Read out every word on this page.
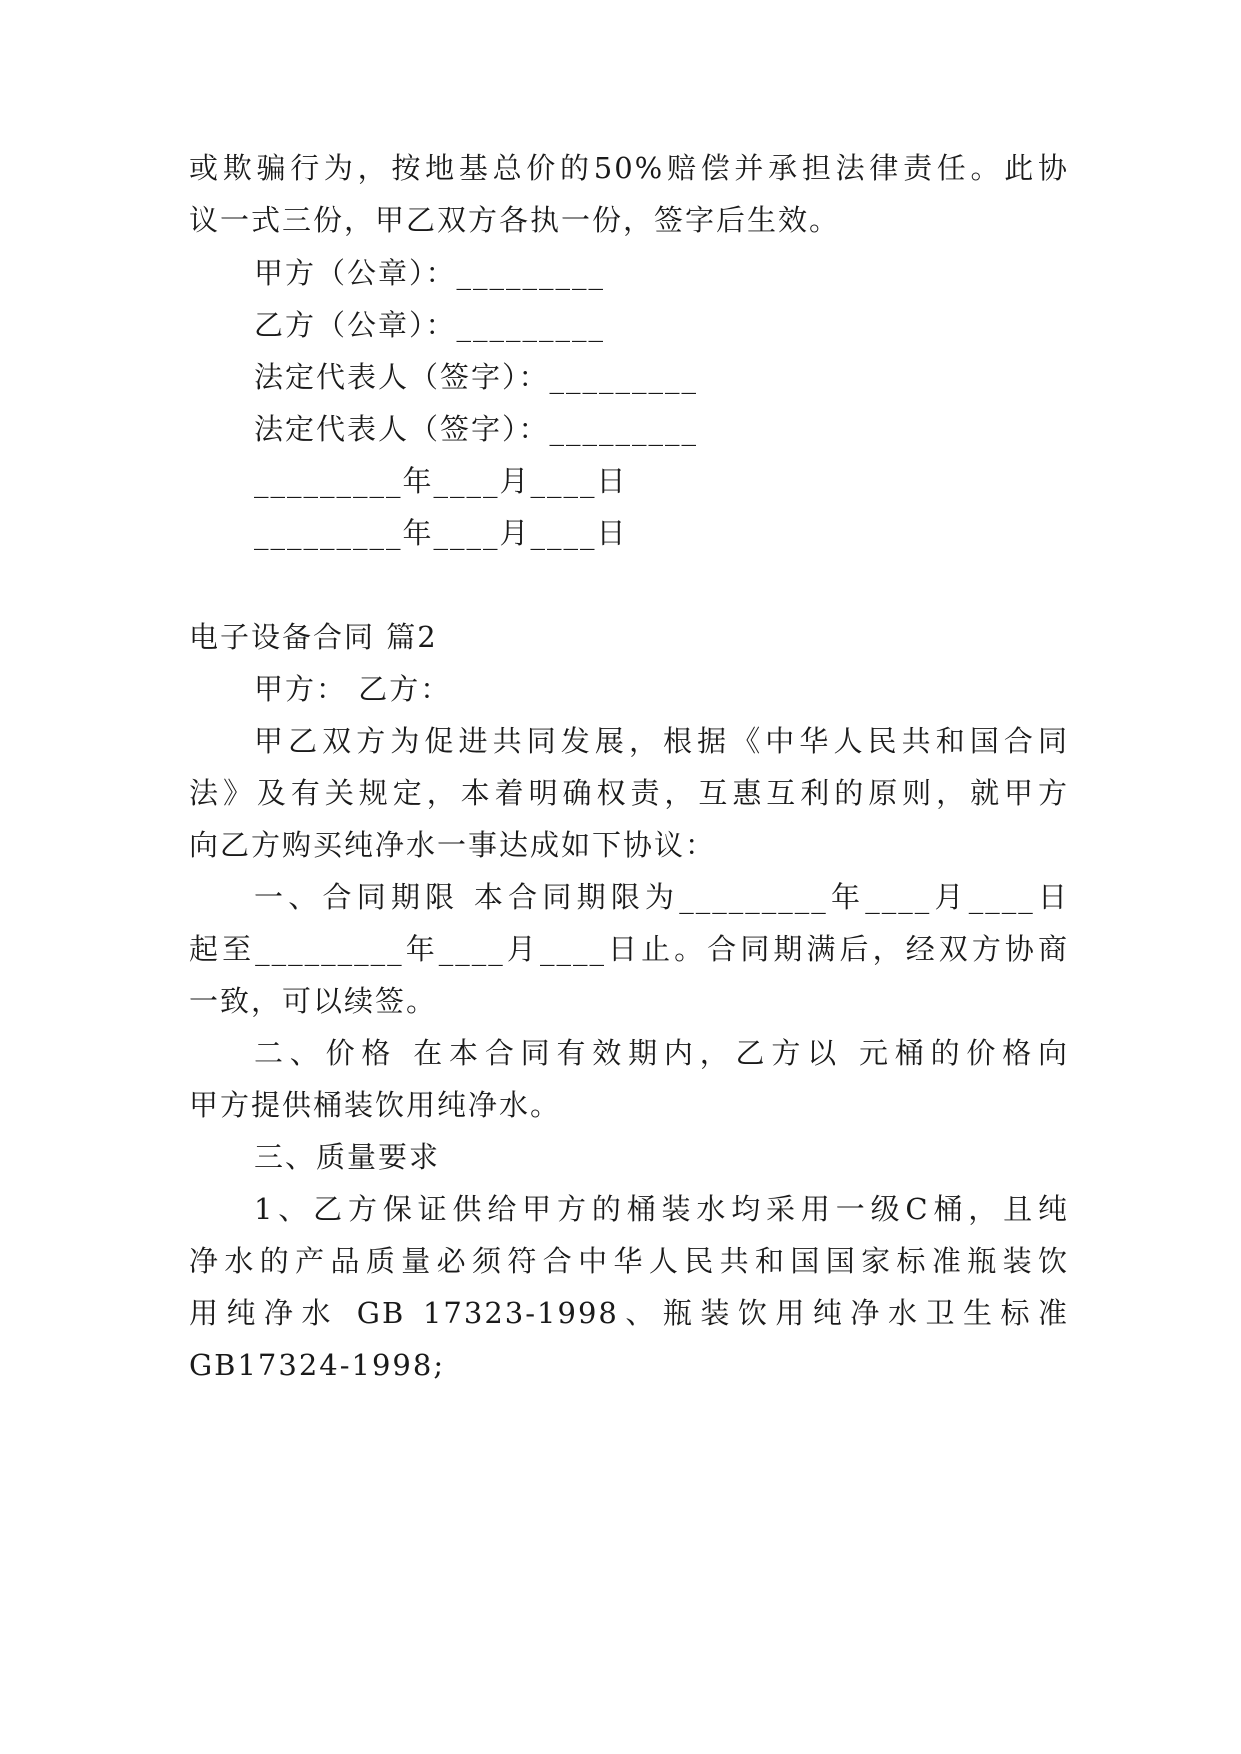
或欺骗行为，按地基总价的50%赔偿并承担法律责任。此协
议一式三份，甲乙双方各执一份，签字后生效。
甲方（公章）：_________
乙方（公章）：_________
法定代表人（签字）：_________
法定代表人（签字）：_________
_________年____月____日
_________年____月____日
电子设备合同 篇2
甲方： 乙方：
甲乙双方为促进共同发展，根据《中华人民共和国合同
法》及有关规定，本着明确权责，互惠互利的原则，就甲方
向乙方购买纯净水一事达成如下协议：
一、合同期限 本合同期限为_________年____月____日
起至_________年____月____日止。合同期满后，经双方协商
一致，可以续签。
二、价格 在本合同有效期内，乙方以 元桶的价格向
甲方提供桶装饮用纯净水。
三、质量要求
1、乙方保证供给甲方的桶装水均采用一级C桶，且纯
净水的产品质量必须符合中华人民共和国国家标准瓶装饮
用纯净水 GB 17323-1998、瓶装饮用纯净水卫生标准
GB17324-1998;
